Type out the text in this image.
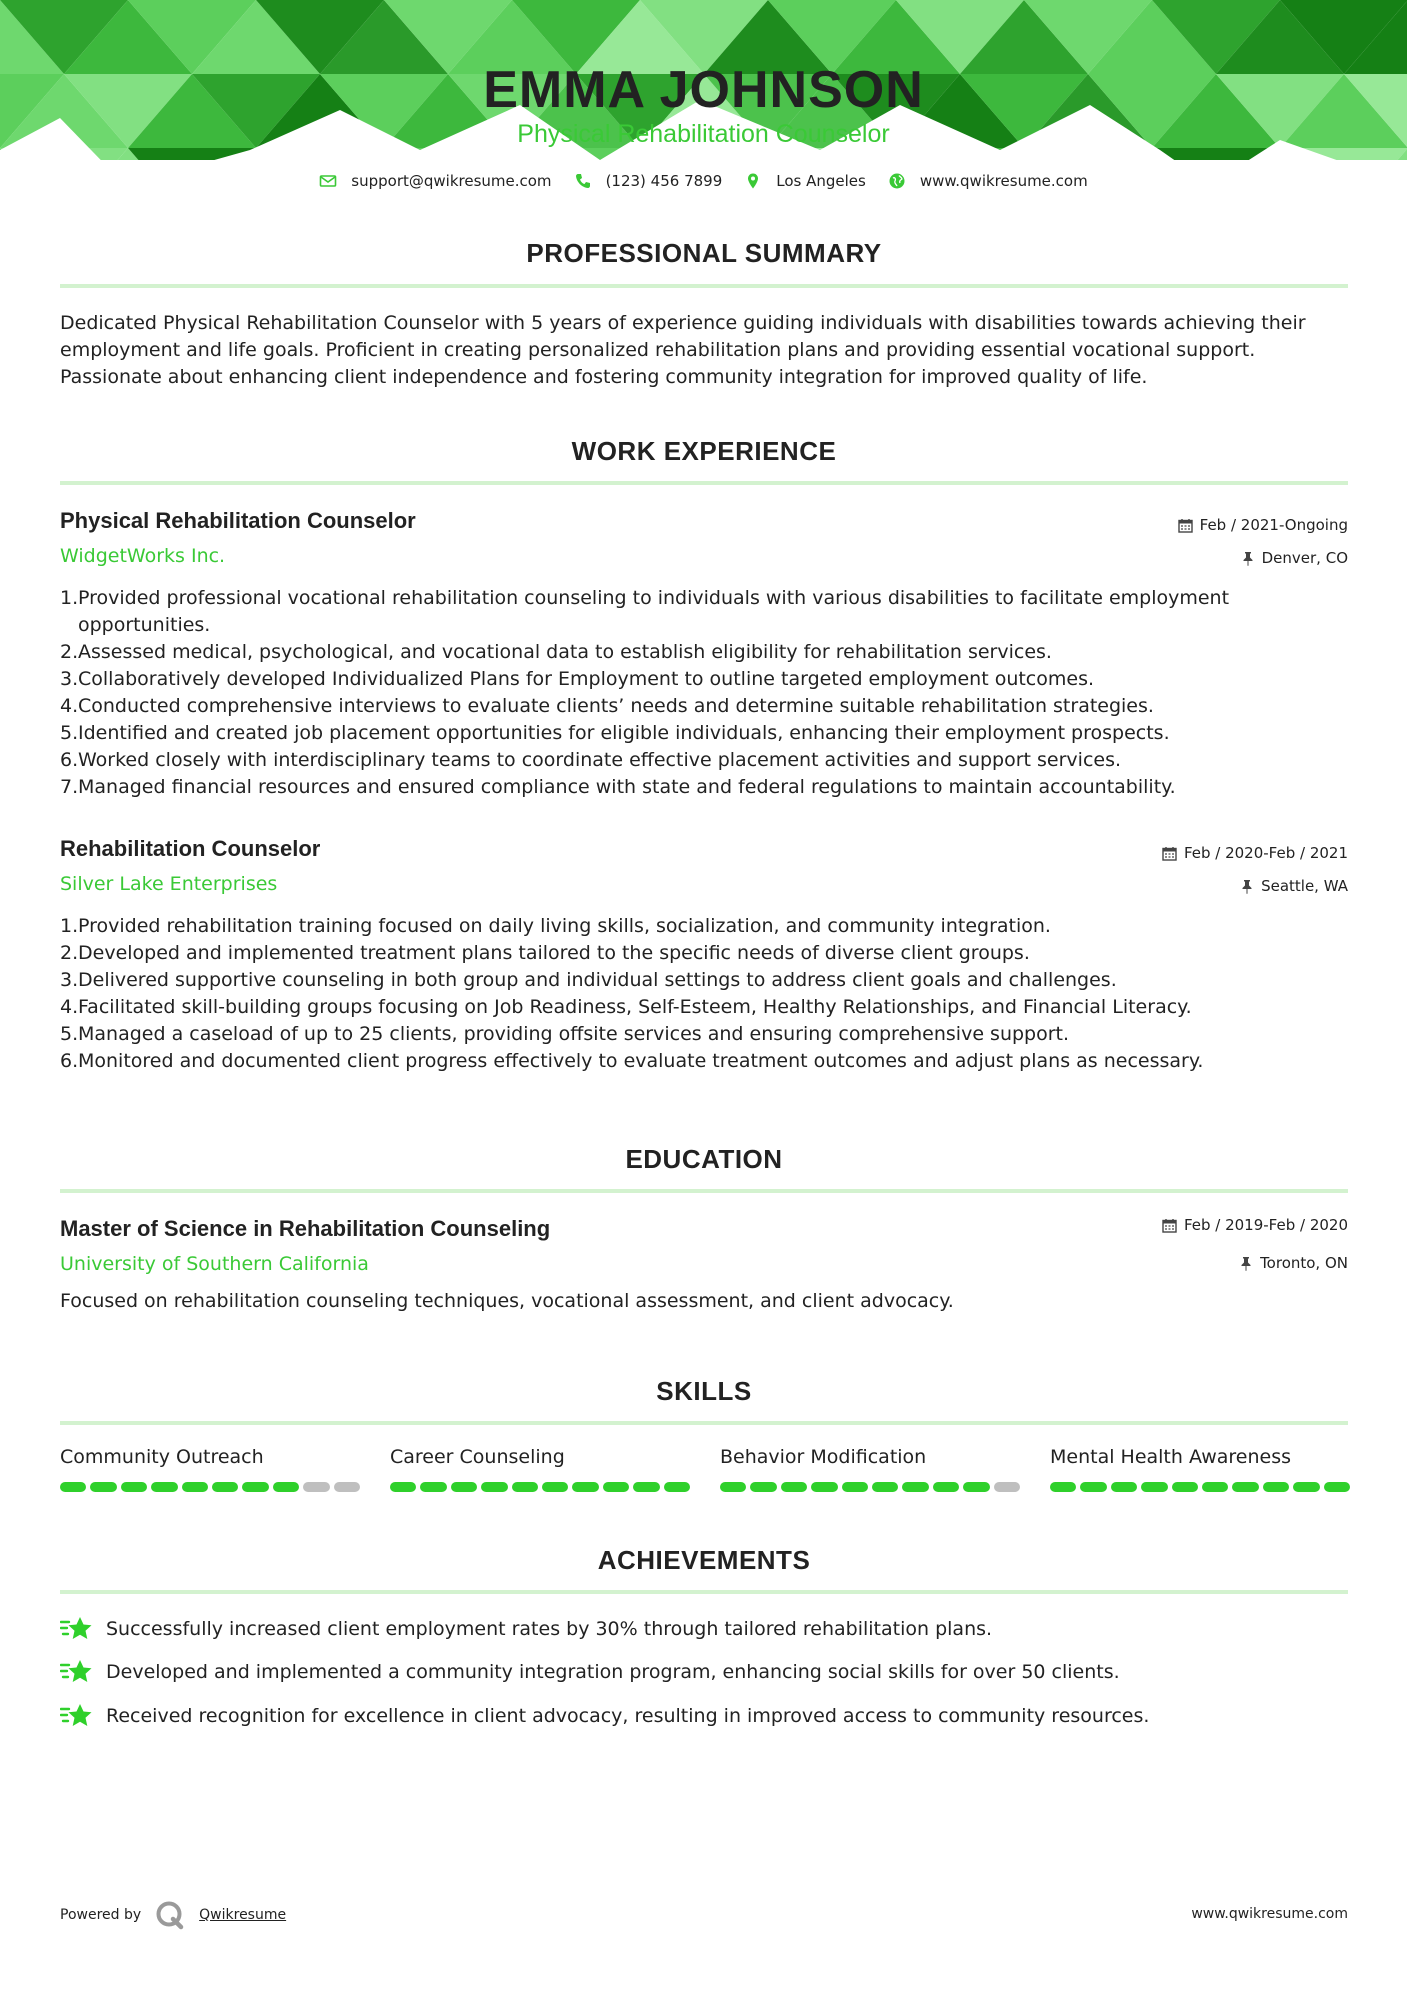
EMMA JOHNSON
Physical Rehabilitation Counselor
support@qwikresume.com	(123) 456 7899	Los Angeles	www.qwikresume.com
PROFESSIONAL SUMMARY
Dedicated Physical Rehabilitation Counselor with 5 years of experience guiding individuals with disabilities towards achieving their employment and life goals. Proficient in creating personalized rehabilitation plans and providing essential vocational support. Passionate about enhancing client independence and fostering community integration for improved quality of life.
WORK EXPERIENCE
Physical Rehabilitation Counselor
WidgetWorks Inc.
Feb / 2021-Ongoing
Denver, CO
1. Provided professional vocational rehabilitation counseling to individuals with various disabilities to facilitate employment opportunities.
2. Assessed medical, psychological, and vocational data to establish eligibility for rehabilitation services.
3. Collaboratively developed Individualized Plans for Employment to outline targeted employment outcomes.
4. Conducted comprehensive interviews to evaluate clients’ needs and determine suitable rehabilitation strategies.
5. Identified and created job placement opportunities for eligible individuals, enhancing their employment prospects.
6. Worked closely with interdisciplinary teams to coordinate effective placement activities and support services.
7. Managed financial resources and ensured compliance with state and federal regulations to maintain accountability.
Rehabilitation Counselor
Silver Lake Enterprises
Feb / 2020-Feb / 2021
Seattle, WA
1. Provided rehabilitation training focused on daily living skills, socialization, and community integration.
2. Developed and implemented treatment plans tailored to the specific needs of diverse client groups.
3. Delivered supportive counseling in both group and individual settings to address client goals and challenges.
4. Facilitated skill-building groups focusing on Job Readiness, Self-Esteem, Healthy Relationships, and Financial Literacy.
5. Managed a caseload of up to 25 clients, providing offsite services and ensuring comprehensive support.
6. Monitored and documented client progress effectively to evaluate treatment outcomes and adjust plans as necessary.
EDUCATION
Master of Science in Rehabilitation Counseling
University of Southern California
Feb / 2019-Feb / 2020
Toronto, ON
Focused on rehabilitation counseling techniques, vocational assessment, and client advocacy.
SKILLS
Community Outreach	Career Counseling	Behavior Modification	Mental Health Awareness
ACHIEVEMENTS
Successfully increased client employment rates by 30% through tailored rehabilitation plans.
Developed and implemented a community integration program, enhancing social skills for over 50 clients.
Received recognition for excellence in client advocacy, resulting in improved access to community resources.
Powered by	Qwikresume	www.qwikresume.com
